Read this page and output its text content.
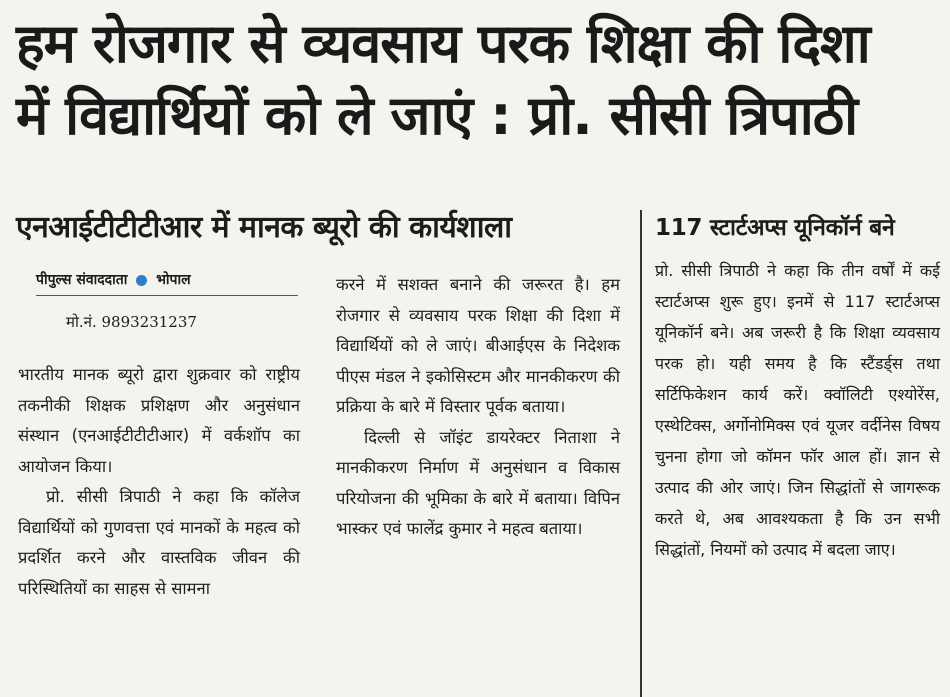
हम रोजगार से व्यवसाय परक शिक्षा की दिशा
में विद्यार्थियों को ले जाएं : प्रो. सीसी त्रिपाठी
एनआईटीटीटीआर में मानक ब्यूरो की कार्यशाला	117 स्टार्टअप्स यूनिकॉर्न बने
पीपुल्स संवाददाता भोपाल
मो.नं. 9893231237

भारतीय मानक ब्यूरो द्वारा शुक्रवार को राष्ट्रीय तकनीकी शिक्षक प्रशिक्षण और अनुसंधान संस्थान (एनआईटीटीटीआर) में वर्कशॉप का आयोजन किया।

प्रो. सीसी त्रिपाठी ने कहा कि कॉलेज विद्यार्थियों को गुणवत्ता एवं मानकों के महत्व को प्रदर्शित करने और वास्तविक जीवन की परिस्थितियों का साहस से सामना

करने में सशक्त बनाने की जरूरत है। हम रोजगार से व्यवसाय परक शिक्षा की दिशा में विद्यार्थियों को ले जाएं। बीआईएस के निदेशक पीएस मंडल ने इकोसिस्टम और मानकीकरण की प्रक्रिया के बारे में विस्तार पूर्वक बताया।

दिल्ली से जॉइंट डायरेक्टर निताशा ने मानकीकरण निर्माण में अनुसंधान व विकास परियोजना की भूमिका के बारे में बताया। विपिन भास्कर एवं फालेंद्र कुमार ने महत्व बताया।

प्रो. सीसी त्रिपाठी ने कहा कि तीन वर्षों में कई स्टार्टअप्स शुरू हुए। इनमें से 117 स्टार्टअप्स यूनिकॉर्न बने। अब जरूरी है कि शिक्षा व्यवसाय परक हो। यही समय है कि स्टैंडर्ड्स तथा सर्टिफिकेशन कार्य करें। क्वॉलिटी एश्योरेंस, एस्थेटिक्स, अर्गोनोमिक्स एवं यूजर वर्दीनेस विषय चुनना होगा जो कॉमन फॉर आल हों। ज्ञान से उत्पाद की ओर जाएं। जिन सिद्धांतों से जागरूक करते थे, अब आवश्यकता है कि उन सभी सिद्धांतों, नियमों को उत्पाद में बदला जाए।
